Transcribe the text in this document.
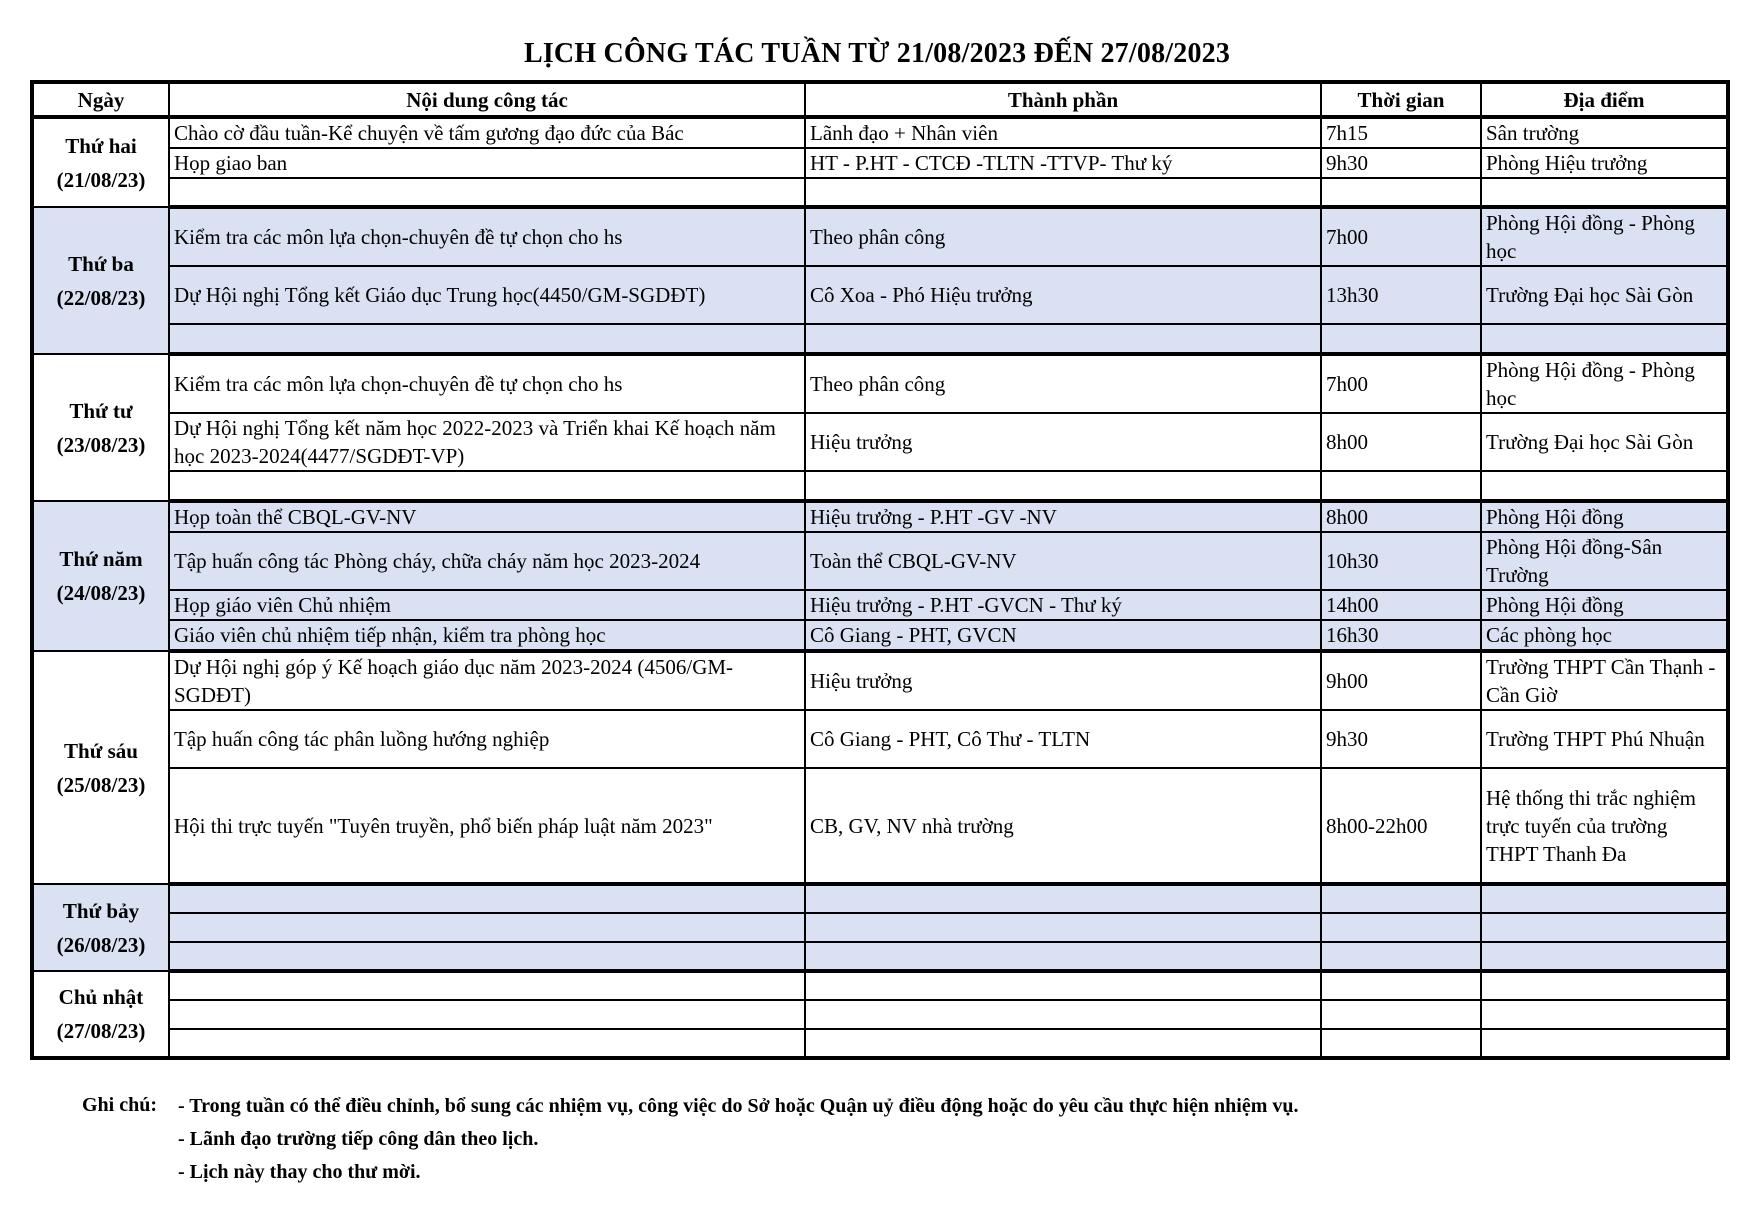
LỊCH CÔNG TÁC TUẦN TỪ 21/08/2023 ĐẾN 27/08/2023
Ngày	Nội dung công tác	Thành phần	Thời gian	Địa điểm
Thứ hai
(21/08/23)	Chào cờ đầu tuần-Kể chuyện về tấm gương đạo đức của Bác	Lãnh đạo + Nhân viên	7h15	Sân trường
	Họp giao ban	HT - P.HT - CTCĐ -TLTN -TTVP- Thư ký	9h30	Phòng Hiệu trưởng

Thứ ba
(22/08/23)	Kiểm tra các môn lựa chọn-chuyên đề tự chọn cho hs	Theo phân công	7h00	Phòng Hội đồng - Phòng học
	Dự Hội nghị Tổng kết Giáo dục Trung học(4450/GM-SGDĐT)	Cô Xoa - Phó Hiệu trưởng	13h30	Trường Đại học Sài Gòn

Thứ tư
(23/08/23)	Kiểm tra các môn lựa chọn-chuyên đề tự chọn cho hs	Theo phân công	7h00	Phòng Hội đồng - Phòng học
	Dự Hội nghị Tổng kết năm học 2022-2023 và Triển khai Kế hoạch năm học 2023-2024(4477/SGDĐT-VP)	Hiệu trưởng	8h00	Trường Đại học Sài Gòn

Thứ năm
(24/08/23)	Họp toàn thể CBQL-GV-NV	Hiệu trưởng - P.HT -GV -NV	8h00	Phòng Hội đồng
	Tập huấn công tác Phòng cháy, chữa cháy năm học 2023-2024	Toàn thể CBQL-GV-NV	10h30	Phòng Hội đồng-Sân Trường
	Họp giáo viên Chủ nhiệm	Hiệu trưởng - P.HT -GVCN - Thư ký	14h00	Phòng Hội đồng
	Giáo viên chủ nhiệm tiếp nhận, kiểm tra phòng học	Cô Giang - PHT, GVCN	16h30	Các phòng học
Thứ sáu
(25/08/23)	Dự Hội nghị góp ý Kế hoạch giáo dục năm 2023-2024 (4506/GM-SGDĐT)	Hiệu trưởng	9h00	Trường THPT Cần Thạnh - Cần Giờ
	Tập huấn công tác phân luồng hướng nghiệp	Cô Giang - PHT, Cô Thư - TLTN	9h30	Trường THPT Phú Nhuận
	Hội thi trực tuyến "Tuyên truyền, phổ biến pháp luật năm 2023"	CB, GV, NV nhà trường	8h00-22h00	Hệ thống thi trắc nghiệm trực tuyến của trường THPT Thanh Đa
Thứ bảy
(26/08/23)				

Chủ nhật
(27/08/23)				

Ghi chú:	- Trong tuần có thể điều chỉnh, bổ sung các nhiệm vụ, công việc do Sở hoặc Quận uỷ điều động hoặc do yêu cầu thực hiện nhiệm vụ.
- Lãnh đạo trường tiếp công dân theo lịch.
- Lịch này thay cho thư mời.
